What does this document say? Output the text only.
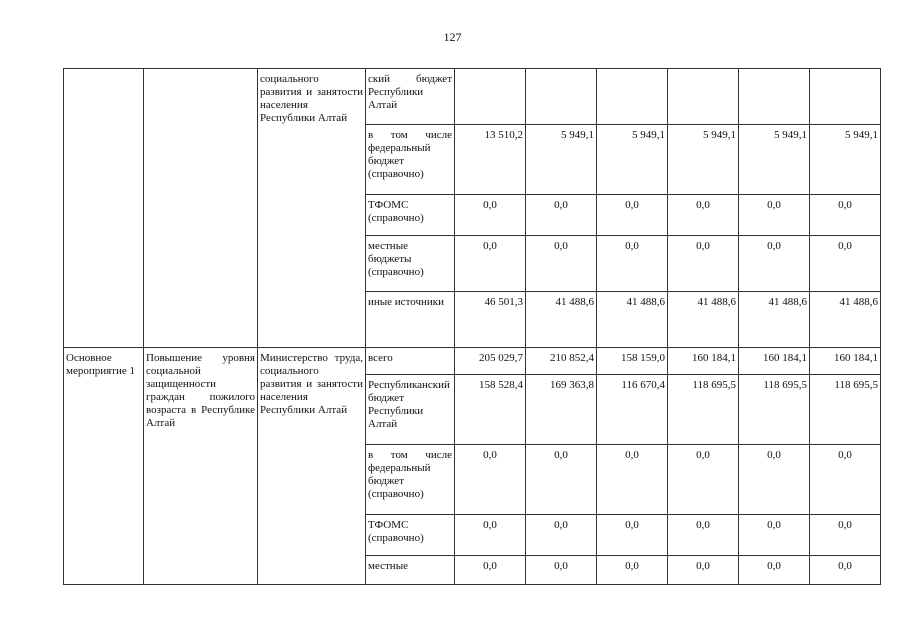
127
		социального развития и занятости населения Республики Алтай	ский бюджет Республики Алтай						
			в том числе федеральный бюджет (справочно)	13 510,2	5 949,1	5 949,1	5 949,1	5 949,1	5 949,1
			ТФОМС (справочно)	0,0	0,0	0,0	0,0	0,0	0,0
			местные бюджеты (справочно)	0,0	0,0	0,0	0,0	0,0	0,0
			иные источники	46 501,3	41 488,6	41 488,6	41 488,6	41 488,6	41 488,6
Основное мероприятие 1	Повышение уровня социальной защищенности граждан пожилого возраста в Республике Алтай	Министерство труда, социального развития и занятости населения Республики Алтай	всего	205 029,7	210 852,4	158 159,0	160 184,1	160 184,1	160 184,1
			Республиканский бюджет Республики Алтай	158 528,4	169 363,8	116 670,4	118 695,5	118 695,5	118 695,5
			в том числе федеральный бюджет (справочно)	0,0	0,0	0,0	0,0	0,0	0,0
			ТФОМС (справочно)	0,0	0,0	0,0	0,0	0,0	0,0
			местные	0,0	0,0	0,0	0,0	0,0	0,0
